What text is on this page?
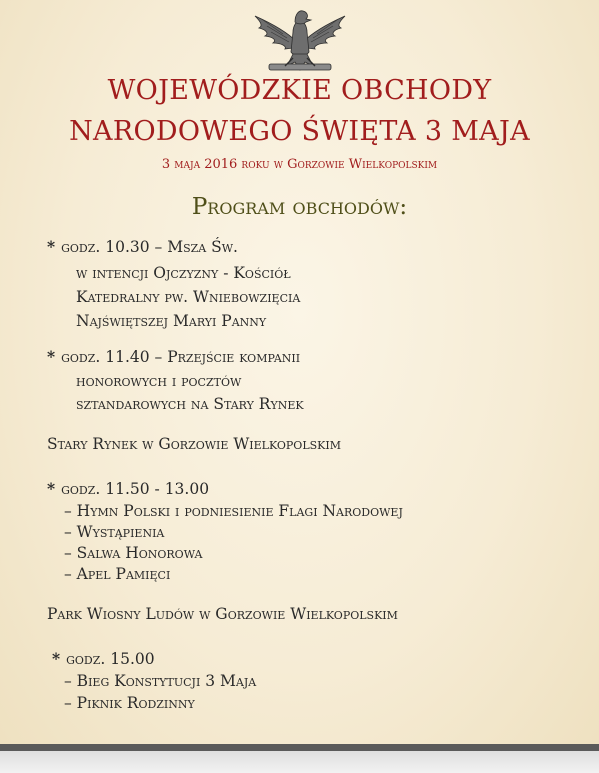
WOJEWÓDZKIE OBCHODY
NARODOWEGO ŚWIĘTA 3 MAJA
3 maja 2016 roku w Gorzowie Wielkopolskim
Program obchodów:
* godz. 10.30 – Msza Św.
w intencji Ojczyzny - Kościół
Katedralny pw. Wniebowzięcia
Najświętszej Maryi Panny
* godz. 11.40 – Przejście kompanii
honorowych i pocztów
sztandarowych na Stary Rynek
Stary Rynek w Gorzowie Wielkopolskim
* godz. 11.50 - 13.00
– Hymn Polski i podniesienie Flagi Narodowej
– Wystąpienia
– Salwa Honorowa
– Apel Pamięci
Park Wiosny Ludów w Gorzowie Wielkopolskim
* godz. 15.00
– Bieg Konstytucji 3 Maja
– Piknik Rodzinny
